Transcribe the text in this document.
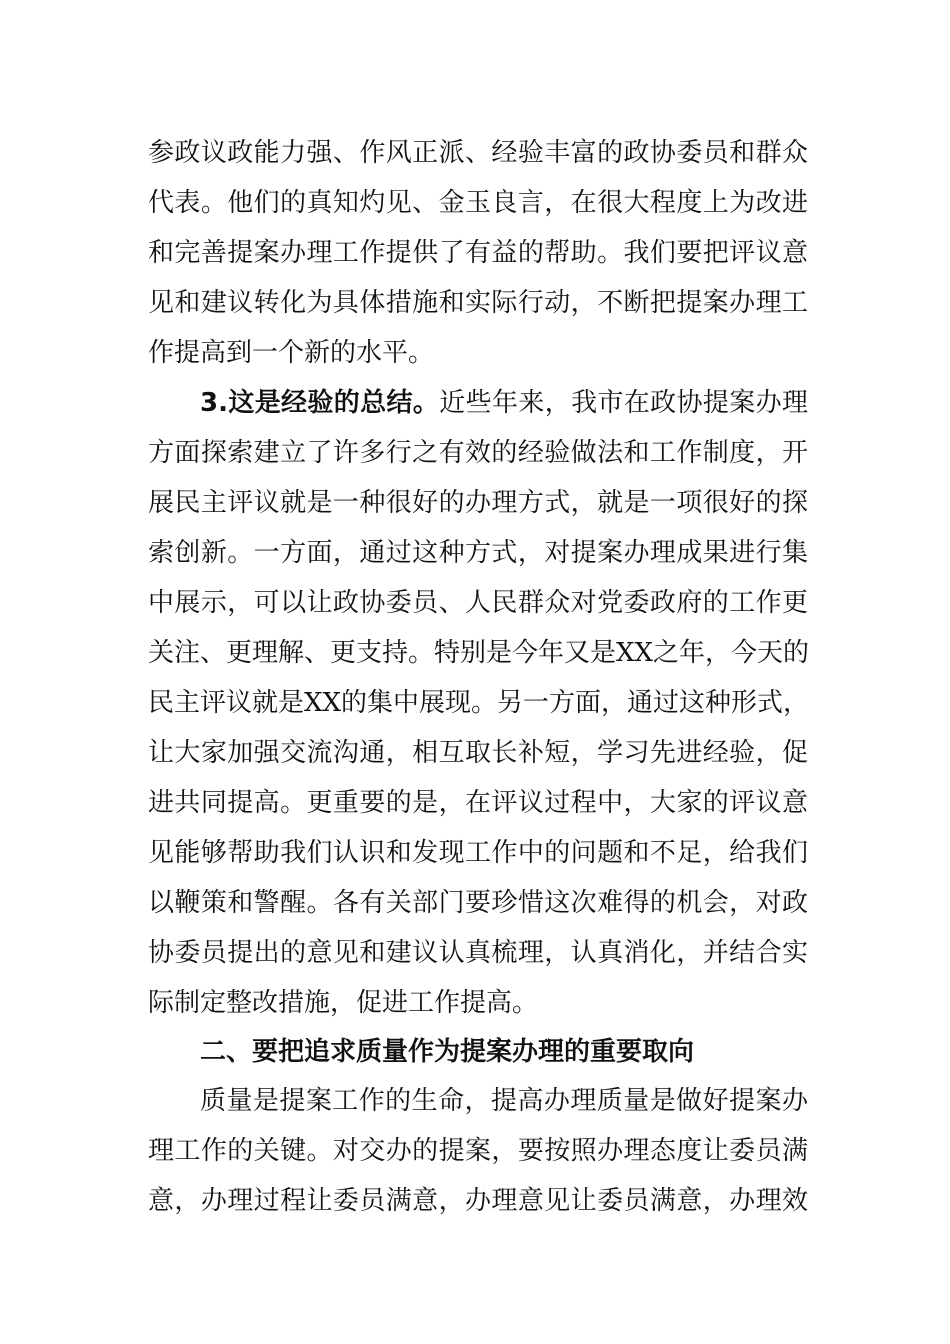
参政议政能力强、作风正派、经验丰富的政协委员和群众
代表。他们的真知灼见、金玉良言，在很大程度上为改进
和完善提案办理工作提供了有益的帮助。我们要把评议意
见和建议转化为具体措施和实际行动，不断把提案办理工
作提高到一个新的水平。
3.这是经验的总结。近些年来，我市在政协提案办理
方面探索建立了许多行之有效的经验做法和工作制度，开
展民主评议就是一种很好的办理方式，就是一项很好的探
索创新。一方面，通过这种方式，对提案办理成果进行集
中展示，可以让政协委员、人民群众对党委政府的工作更
关注、更理解、更支持。特别是今年又是XX之年，今天的
民主评议就是XX的集中展现。另一方面，通过这种形式，
让大家加强交流沟通，相互取长补短，学习先进经验，促
进共同提高。更重要的是，在评议过程中，大家的评议意
见能够帮助我们认识和发现工作中的问题和不足，给我们
以鞭策和警醒。各有关部门要珍惜这次难得的机会，对政
协委员提出的意见和建议认真梳理，认真消化，并结合实
际制定整改措施，促进工作提高。
二、要把追求质量作为提案办理的重要取向
质量是提案工作的生命，提高办理质量是做好提案办
理工作的关键。对交办的提案，要按照办理态度让委员满
意，办理过程让委员满意，办理意见让委员满意，办理效
